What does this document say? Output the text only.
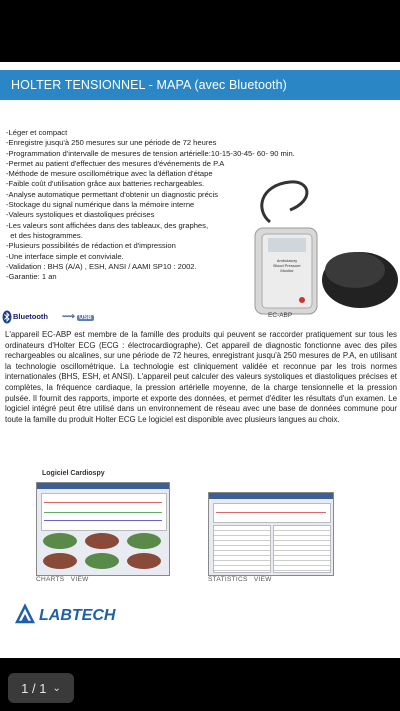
HOLTER TENSIONNEL - MAPA (avec Bluetooth)
-Léger et compact
-Enregistre jusqu'à 250 mesures sur une période de 72 heures
-Programmation d'intervalle de mesures de tension artérielle:10-15-30-45- 60- 90 min.
-Permet au patient d'effectuer des mesures d'événements de P.A
-Méthode de mesure oscillométrique avec la déflation d'étape
-Faible coût d'utilisation grâce aux batteries rechargeables.
-Analyse automatique permettant d'obtenir un diagnostic précis
-Stockage du signal numérique dans la mémoire interne
-Valeurs systoliques et diastoliques précises
-Les valeurs sont affichées dans des tableaux, des graphes,
et des histogrammes.
-Plusieurs possibilités de rédaction et d'impression
-Une interface simple et conviviale.
-Validation : BHS (A/A) , ESH, ANSI / AAMI SP10 : 2002.
-Garantie: 1 an
Ambulatory
Blood Pressure
Monitor
EC-ABP
Bluetooth ⟿ USB
L'appareil EC-ABP est membre de la famille des produits qui peuvent se raccorder pratiquement sur tous les ordinateurs d'Holter ECG (ECG : électrocardiographe). Cet appareil de diagnostic fonctionne avec des piles rechargeables ou alcalines, sur une période de 72 heures, enregistrant jusqu'à 250 mesures de P.A, en utilisant la technologie oscillométrique. La technologie est cliniquement validée et reconnue par les trois normes internationales (BHS, ESH, et ANSI). L'appareil peut calculer des valeurs systoliques et diastoliques précises et complètes, la fréquence cardiaque, la pression artérielle moyenne, de la charge tensionnelle et la pression pulsée. Il fournit des rapports, importe et exporte des données, et permet d'éditer les résultats d'un examen. Le logiciel intégré peut être utilisé dans un environnement de réseau avec une base de données commune pour toute la famille du produit Holter ECG Le logiciel est disponible avec plusieurs langues au choix.
Logiciel Cardiospy
CHARTS   VIEW	STATISTICS   VIEW
LABTECH
1 / 1 ⌄
